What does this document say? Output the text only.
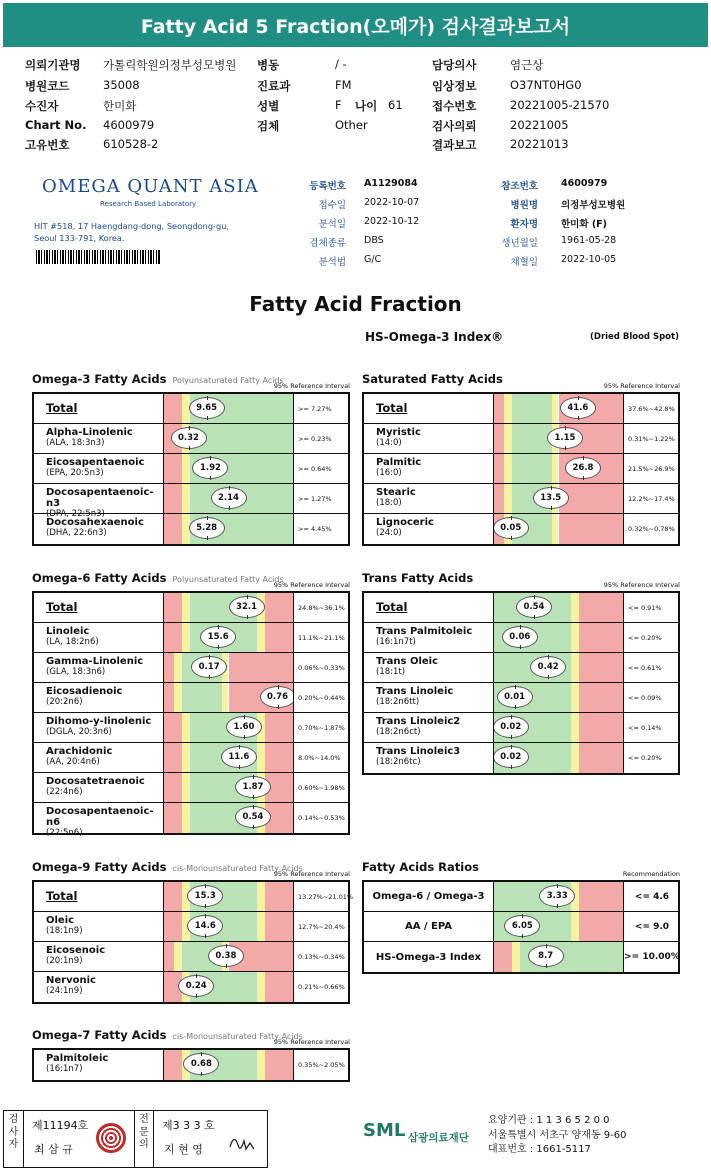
Fatty Acid 5 Fraction(오메가) 검사결과보고서
의뢰기관명 가톨릭학원의정부성모병원
병원코드	35008
수진자	한미화
Chart No. 4600979
고유번호	610528-2
병동	/ -
진료과	FM
성별	F 나이 61
검체	Other
담당의사	염근상
임상정보	O37NT0HG0
접수번호	20221005-21570
검사의뢰	20221005
결과보고	20221013
OMEGA QUANT ASIA
Research Based Laboratory
HIT #518, 17 Haengdang-dong, Seongdong-gu,
Seoul 133-791, Korea.
등록번호 A1129084
접수일 2022-10-07
분석일 2022-10-12
검체종류 DBS
분석법 G/C
참조번호 4600979
병원명 의정부성모병원
환자명 한미화 (F)
생년월일 1961-05-28
채혈일 2022-10-05
Fatty Acid Fraction
HS-Omega-3 Index®	(Dried Blood Spot)
Omega-3 Fatty Acids Polyunsaturated Fatty Acids
95% Reference Interval
Total	9.65	>= 7.27%
Alpha-Linolenic
(ALA, 18:3n3)	0.32	>= 0.23%
Eicosapentaenoic
(EPA, 20:5n3)	1.92	>= 0.64%
Docosapentaenoic-n3
(DPA, 22:5n3)
2.14	>= 1.27%
Docosahexaenoic
(DHA, 22:6n3)	5.28	>= 4.45%
Saturated Fatty Acids	95% Reference Interval
Total	41.6	37.6%~42.8%
Myristic
(14:0)	1.15	0.31%~1.22%
Palmitic
(16:0)	26.8	21.5%~26.9%
Stearic
(18:0)	13.5	12.2%~17.4%
Lignoceric
(24:0)	0.05	0.32%~0.78%
Omega-6 Fatty Acids Polyunsaturated Fatty Acids
95% Reference Interval
Total	32.1	24.8%~36.1%
Linoleic
(LA, 18:2n6)	15.6	11.1%~21.1%
Gamma-Linolenic
(GLA, 18:3n6)	0.17	0.06%~0.33%
Eicosadienoic
(20:2n6)	0.76	0.20%~0.44%
Dihomo-y-linolenic
(DGLA, 20:3n6)	1.60	0.70%~1.87%
Arachidonic
(AA, 20:4n6)	11.6	8.0%~14.0%
Docosatetraenoic
(22:4n6)	1.87	0.60%~1.98%
Docosapentaenoic-n6
(22:5n6)
0.54	0.14%~0.53%
Trans Fatty Acids	95% Reference Interval
Total	0.54	<= 0.91%
Trans Palmitoleic
(16:1n7t)	0.06	<= 0.20%
Trans Oleic
(18:1t)	0.42	<= 0.61%
Trans Linoleic
(18:2n6tt)	0.01	<= 0.09%
Trans Linoleic2
(18:2n6ct)	0.02	<= 0.14%
Trans Linoleic3
(18:2n6tc)	0.02	<= 0.20%
Omega-9 Fatty Acids cis-Monounsaturated Fatty Acids
95% Reference Interval
Total	15.3	13.27%~21.01%
Oleic
(18:1n9)	14.6	12.7%~20.4%
Eicosenoic
(20:1n9)	0.38	0.13%~0.34%
Nervonic
(24:1n9)	0.24	0.21%~0.66%
Fatty Acids Ratios	Recommendation
Omega-6 / Omega-3	3.33	<= 4.6
AA / EPA	6.05	<= 9.0
HS-Omega-3 Index	8.7	>= 10.00%
Omega-7 Fatty Acids cis-Monounsaturated Fatty Acids
95% Reference Interval
Palmitoleic
(16:1n7)	0.68	0.35%~2.05%
검사자
제11194호
최 삼 규
전문의
제3 3 3 호
지 현 영
SML 삼광의료재단
요양기관 : 1 1 3 6 5 2 0 0
서울특별시 서초구 양재동 9-60
대표번호 : 1661-5117
